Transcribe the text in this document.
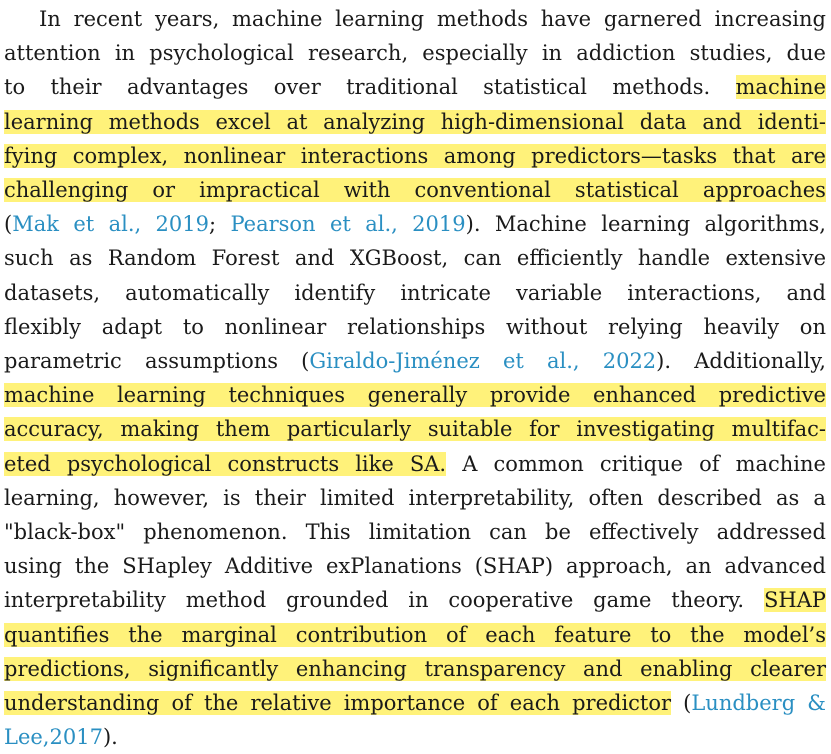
In recent years, machine learning methods have garnered increasing
attention in psychological research, especially in addiction studies, due
to their advantages over traditional statistical methods. machine
learning methods excel at analyzing high-dimensional data and identi-
fying complex, nonlinear interactions among predictors—tasks that are
challenging	or	impractical	with	conventional	statistical	approaches
(Mak et al., 2019; Pearson et al., 2019). Machine learning algorithms,
such as Random Forest and XGBoost, can efficiently handle extensive
datasets, automatically identify intricate variable interactions, and
flexibly adapt to nonlinear relationships without relying heavily on
parametric assumptions (Giraldo-Jiménez et al., 2022). Additionally,
machine	learning	techniques	generally	provide	enhanced	predictive
accuracy, making them particularly suitable for investigating multifac-
eted psychological constructs like SA. A common critique of machine
learning, however, is their limited interpretability, often described as a
"black-box" phenomenon. This limitation can be effectively addressed
using the SHapley Additive exPlanations (SHAP) approach, an advanced
interpretability method grounded in cooperative game theory. SHAP
quantifies the marginal contribution of each feature to the model’s
predictions, significantly enhancing transparency and enabling clearer
understanding of the relative importance of each predictor (Lundberg &
Lee, 2017).
